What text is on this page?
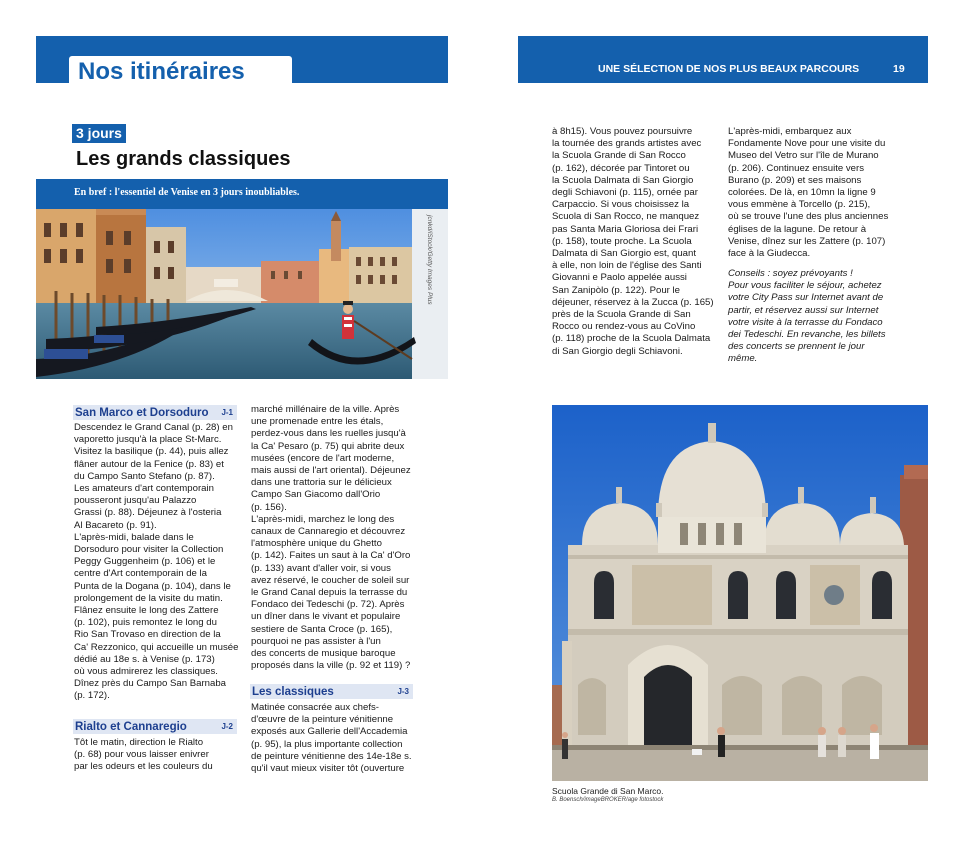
Nos itinéraires	UNE SÉLECTION DE NOS PLUS BEAUX PARCOURS	19
3 jours
Les grands classiques
En bref : l'essentiel de Venise en 3 jours inoubliables.
jcnkd/iStock/Getty Images Plus
San Marco et Dorsoduro J-1

Descendez le Grand Canal (p. 28) en

vaporetto jusqu'à la place St-Marc.

Visitez la basilique (p. 44), puis allez

flâner autour de la Fenice (p. 83) et

du Campo Santo Stefano (p. 87).

Les amateurs d'art contemporain

pousseront jusqu'au Palazzo

Grassi (p. 88). Déjeunez à l'osteria

Al Bacareto (p. 91).

L'après-midi, balade dans le

Dorsoduro pour visiter la Collection

Peggy Guggenheim (p. 106) et le

centre d'Art contemporain de la

Punta de la Dogana (p. 104), dans le

prolongement de la visite du matin.

Flânez ensuite le long des Zattere

(p. 102), puis remontez le long du

Rio San Trovaso en direction de la

Ca' Rezzonico, qui accueille un musée

dédié au 18e s. à Venise (p. 173)

où vous admirerez les classiques.

Dînez près du Campo San Barnaba

(p. 172).

Rialto et Cannaregio	J-2

Tôt le matin, direction le Rialto

(p. 68) pour vous laisser enivrer

par les odeurs et les couleurs du

marché millénaire de la ville. Après

une promenade entre les étals,

perdez-vous dans les ruelles jusqu'à

la Ca' Pesaro (p. 75) qui abrite deux

musées (encore de l'art moderne,

mais aussi de l'art oriental). Déjeunez

dans une trattoria sur le délicieux

Campo San Giacomo dall'Orio

(p. 156).

L'après-midi, marchez le long des

canaux de Cannaregio et découvrez

l'atmosphère unique du Ghetto

(p. 142). Faites un saut à la Ca' d'Oro

(p. 133) avant d'aller voir, si vous

avez réservé, le coucher de soleil sur

le Grand Canal depuis la terrasse du

Fondaco dei Tedeschi (p. 72). Après

un dîner dans le vivant et populaire

sestiere de Santa Croce (p. 165),

pourquoi ne pas assister à l'un

des concerts de musique baroque

proposés dans la ville (p. 92 et 119) ?

Les classiques	J-3

Matinée consacrée aux chefs-

d'œuvre de la peinture vénitienne

exposés aux Gallerie dell'Accademia

(p. 95), la plus importante collection

de peinture vénitienne des 14e-18e s.

qu'il vaut mieux visiter tôt (ouverture

à 8h15). Vous pouvez poursuivre

la tournée des grands artistes avec

la Scuola Grande di San Rocco

(p. 162), décorée par Tintoret ou

la Scuola Dalmata di San Giorgio

degli Schiavoni (p. 115), ornée par

Carpaccio. Si vous choisissez la

Scuola di San Rocco, ne manquez

pas Santa Maria Gloriosa dei Frari

(p. 158), toute proche. La Scuola

Dalmata di San Giorgio est, quant

à elle, non loin de l'église des Santi

Giovanni e Paolo appelée aussi

San Zanipòlo (p. 122). Pour le

déjeuner, réservez à la Zucca (p. 165)

près de la Scuola Grande di San

Rocco ou rendez-vous au CoVino

(p. 118) proche de la Scuola Dalmata

di San Giorgio degli Schiavoni.

L'après-midi, embarquez aux

Fondamente Nove pour une visite du

Museo del Vetro sur l'île de Murano

(p. 206). Continuez ensuite vers

Burano (p. 209) et ses maisons

colorées. De là, en 10mn la ligne 9

vous emmène à Torcello (p. 215),

où se trouve l'une des plus anciennes

églises de la lagune. De retour à

Venise, dînez sur les Zattere (p. 107)

face à la Giudecca.

Conseils : soyez prévoyants !

Pour vous faciliter le séjour, achetez

votre City Pass sur Internet avant de

partir, et réservez aussi sur Internet

votre visite à la terrasse du Fondaco

dei Tedeschi. En revanche, les billets

des concerts se prennent le jour

même.

Scuola Grande di San Marco.
B. Boensch/imageBROKER/age fotostock
